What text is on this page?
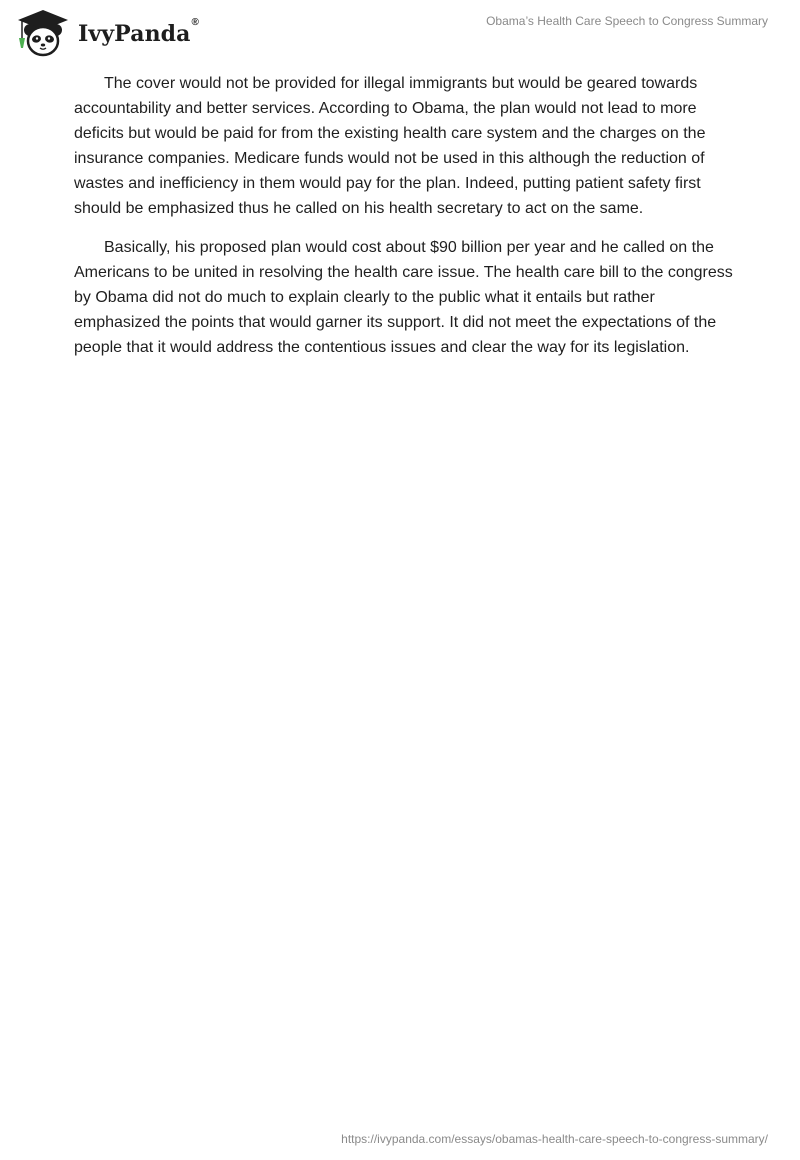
IvyPanda®	Obama’s Health Care Speech to Congress Summary

The cover would not be provided for illegal immigrants but would be geared towards accountability and better services. According to Obama, the plan would not lead to more deficits but would be paid for from the existing health care system and the charges on the insurance companies. Medicare funds would not be used in this although the reduction of wastes and inefficiency in them would pay for the plan. Indeed, putting patient safety first should be emphasized thus he called on his health secretary to act on the same.

Basically, his proposed plan would cost about $90 billion per year and he called on the Americans to be united in resolving the health care issue. The health care bill to the congress by Obama did not do much to explain clearly to the public what it entails but rather emphasized the points that would garner its support. It did not meet the expectations of the people that it would address the contentious issues and clear the way for its legislation.

https://ivypanda.com/essays/obamas-health-care-speech-to-congress-summary/
